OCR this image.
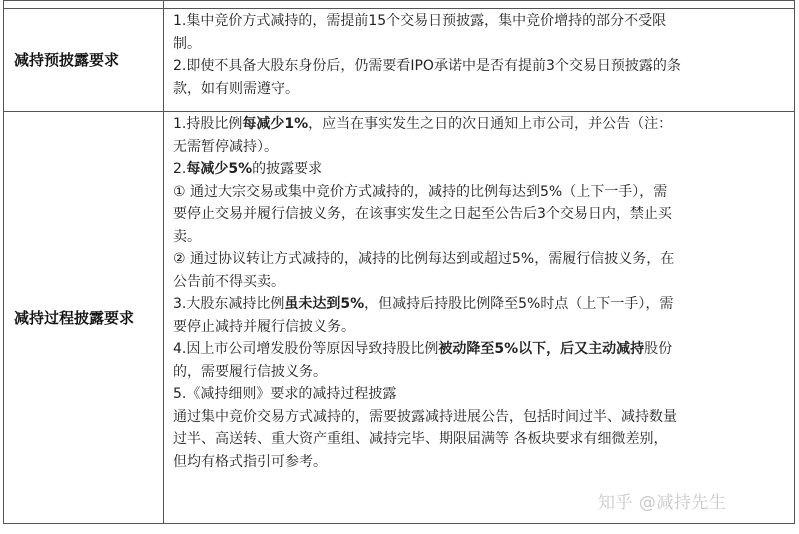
减持预披露要求

1.集中竞价方式减持的，需提前15个交易日预披露，集中竞价增持的部分不受限

制。

2.即使不具备大股东身份后，仍需要看IPO承诺中是否有提前3个交易日预披露的条

款，如有则需遵守。

减持过程披露要求

1.持股比例每减少1%，应当在事实发生之日的次日通知上市公司，并公告（注：

无需暂停减持）。

2.每减少5%的披露要求

① 通过大宗交易或集中竞价方式减持的，减持的比例每达到5%（上下一手），需

要停止交易并履行信披义务，在该事实发生之日起至公告后3个交易日内，禁止买

卖。

② 通过协议转让方式减持的，减持的比例每达到或超过5%，需履行信披义务，在

公告前不得买卖。

3.大股东减持比例虽未达到5%，但减持后持股比例降至5%时点（上下一手），需

要停止减持并履行信披义务。

4.因上市公司增发股份等原因导致持股比例被动降至5%以下，后又主动减持股份

的，需要履行信披义务。

5.《减持细则》要求的减持过程披露

通过集中竞价交易方式减持的，需要披露减持进展公告，包括时间过半、减持数量

过半、高送转、重大资产重组、减持完毕、期限届满等 各板块要求有细微差别，

但均有格式指引可参考。

知乎 @减持先生
